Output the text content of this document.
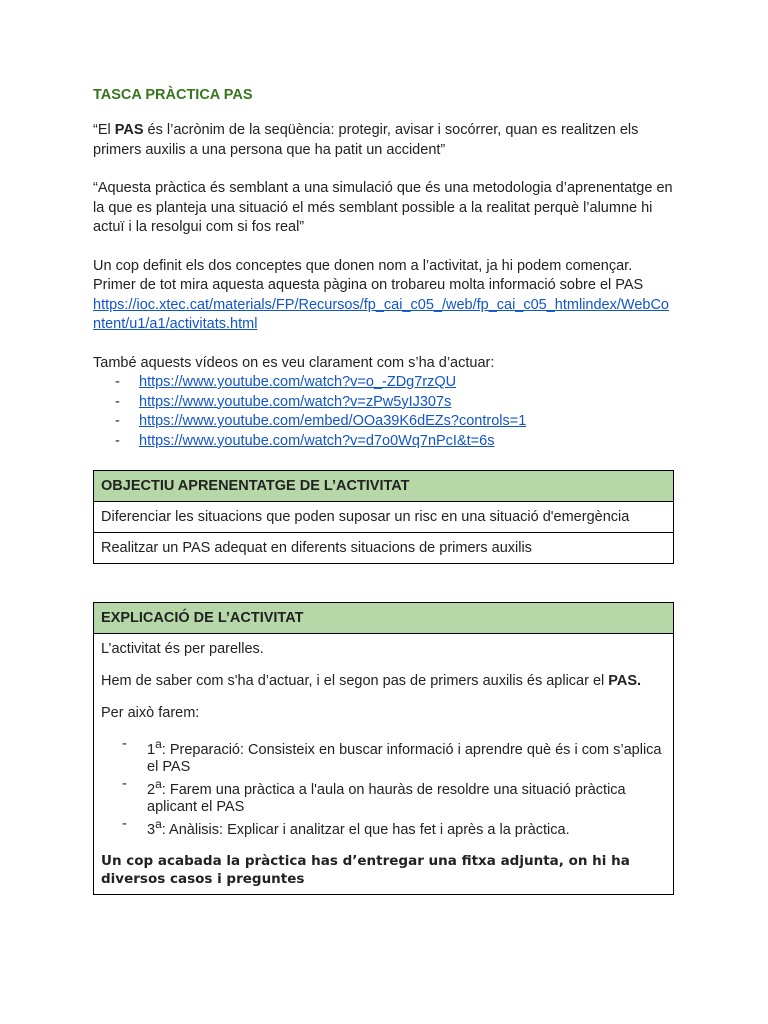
TASCA PRÀCTICA PAS

“El PAS és l’acrònim de la seqüència: protegir, avisar i socórrer, quan es realitzen els primers auxilis a una persona que ha patit un accident”

“Aquesta pràctica és semblant a una simulació que és una metodologia d’aprenentatge en la que es planteja una situació el més semblant possible a la realitat perquè l’alumne hi actuï i la resolgui com si fos real”

Un cop definit els dos conceptes que donen nom a l’activitat, ja hi podem començar. Primer de tot mira aquesta aquesta pàgina on trobareu molta informació sobre el PAS

https://ioc.xtec.cat/materials/FP/Recursos/fp_cai_c05_/web/fp_cai_c05_htmlindex/WebContent/u1/a1/activitats.html

També aquests vídeos on es veu clarament com s’ha d’actuar:

- https://www.youtube.com/watch?v=o_-ZDg7rzQU
- https://www.youtube.com/watch?v=zPw5yIJ307s
- https://www.youtube.com/embed/OOa39K6dEZs?controls=1
- https://www.youtube.com/watch?v=d7o0Wq7nPcI&t=6s
OBJECTIU APRENENTATGE DE L’ACTIVITAT
Diferenciar les situacions que poden suposar un risc en una situació d'emergència
Realitzar un PAS adequat en diferents situacions de primers auxilis
EXPLICACIÓ DE L’ACTIVITAT

L’activitat és per parelles.

Hem de saber com s'ha d’actuar, i el segon pas de primers auxilis és aplicar el PAS.

Per això farem:

- 1$^a$: Preparació: Consisteix en buscar informació i aprendre què és i com s’aplica el PAS
- 2$^a$: Farem una pràctica a l'aula on hauràs de resoldre una situació pràctica aplicant el PAS
- 3$^a$: Anàlisis: Explicar i analitzar el que has fet i après a la pràctica.

Un cop acabada la pràctica has d’entregar una fitxa adjunta, on hi ha diversos casos i preguntes
